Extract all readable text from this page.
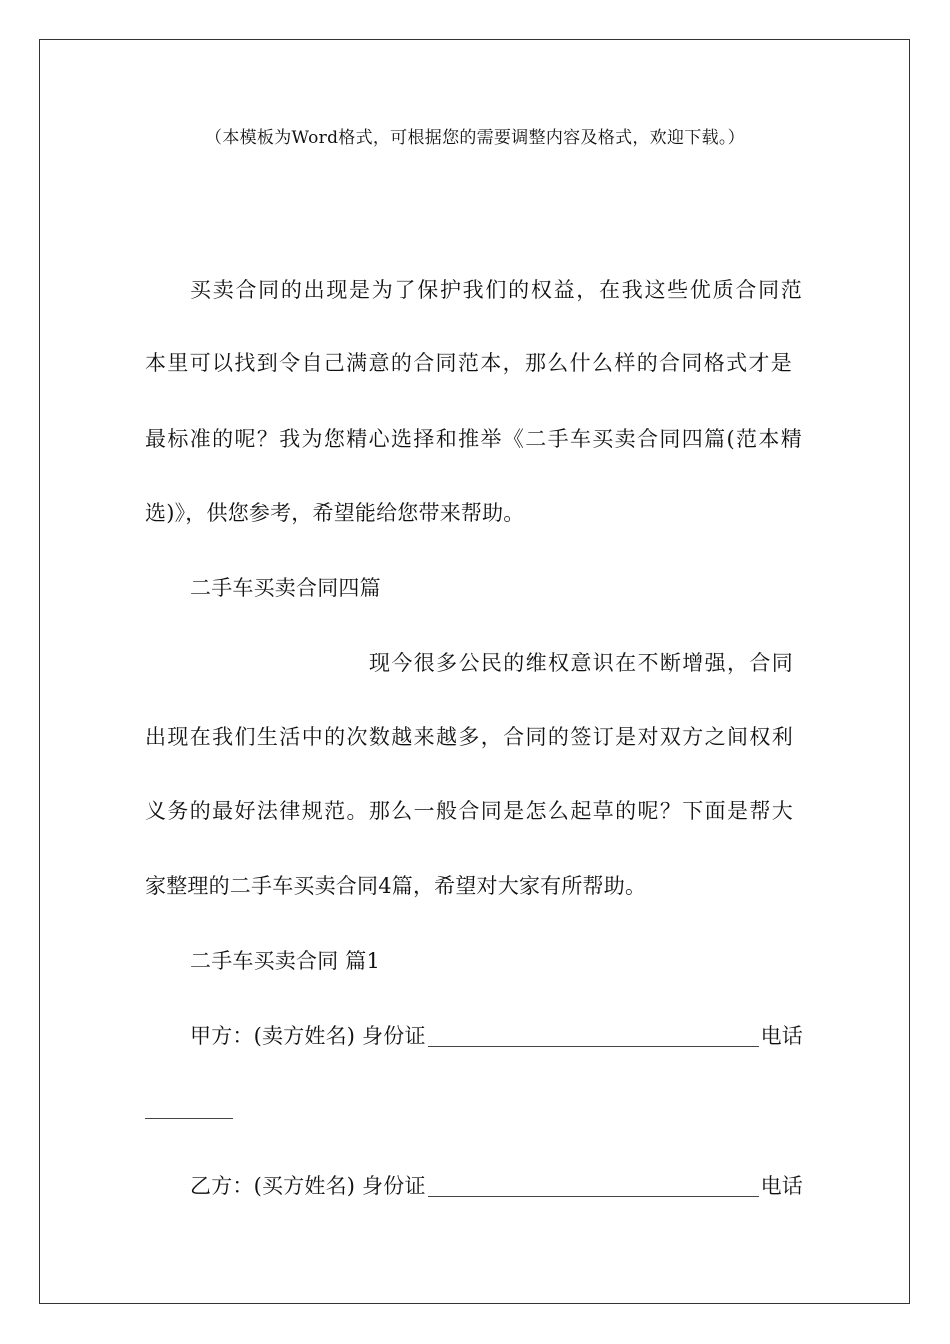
（本模板为Word格式，可根据您的需要调整内容及格式，欢迎下载。）
买卖合同的出现是为了保护我们的权益，在我这些优质合同范
本里可以找到令自己满意的合同范本，那么什么样的合同格式才是
最标准的呢？我为您精心选择和推举《二手车买卖合同四篇(范本精
选)》，供您参考，希望能给您带来帮助。
二手车买卖合同四篇
现今很多公民的维权意识在不断增强，合同
出现在我们生活中的次数越来越多，合同的签订是对双方之间权利
义务的最好法律规范。那么一般合同是怎么起草的呢？下面是帮大
家整理的二手车买卖合同4篇，希望对大家有所帮助。
二手车买卖合同 篇1
甲方：(卖方姓名) 身份证	电话
乙方：(买方姓名) 身份证	电话
